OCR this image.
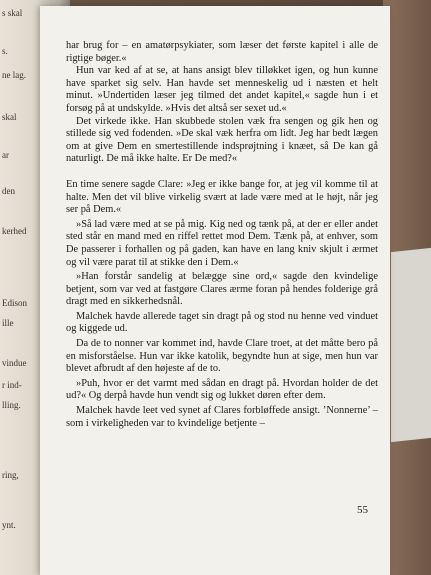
s skal
s.
ne lag.
skal
ar
den
kerhed
Edison
ille
vindue
r ind-
lling.
ring,
ynt.

har brug for – en amatørpsykiater, som læser det første kapitel i alle de rigtige bøger.«

Hun var ked af at se, at hans ansigt blev tilløkket igen, og hun kunne have sparket sig selv. Han havde set menneskelig ud i næsten et helt minut. »Undertiden læser jeg tilmed det andet kapitel,« sagde hun i et forsøg på at undskylde. »Hvis det altså ser sexet ud.«

Det virkede ikke. Han skubbede stolen væk fra sengen og gik hen og stillede sig ved fodenden. »De skal væk herfra om lidt. Jeg har bedt lægen om at give Dem en smertestillende indsprøjtning i knæet, så De kan gå naturligt. De må ikke halte. Er De med?«

En time senere sagde Clare: »Jeg er ikke bange for, at jeg vil komme til at halte. Men det vil blive virkelig svært at lade være med at le højt, når jeg ser på Dem.«

»Så lad være med at se på mig. Kig ned og tænk på, at der er eller andet sted står en mand med en riffel rettet mod Dem. Tænk på, at enhver, som De passerer i forhallen og på gaden, kan have en lang kniv skjult i ærmet og vil være parat til at stikke den i Dem.«

»Han forstår sandelig at belægge sine ord,« sagde den kvindelige betjent, som var ved at fastgøre Clares ærme foran på hendes folderige grå dragt med en sikkerhedsnål.

Malchek havde allerede taget sin dragt på og stod nu henne ved vinduet og kiggede ud.

Da de to nonner var kommet ind, havde Clare troet, at det måtte bero på en misforståelse. Hun var ikke katolik, begyndte hun at sige, men hun var blevet afbrudt af den højeste af de to.

»Puh, hvor er det varmt med sådan en dragt på. Hvordan holder de det ud?« Og derpå havde hun vendt sig og lukket døren efter dem.

Malchek havde leet ved synet af Clares forbløffede ansigt. ’Nonnerne’ – som i virkeligheden var to kvindelige betjente –

55
